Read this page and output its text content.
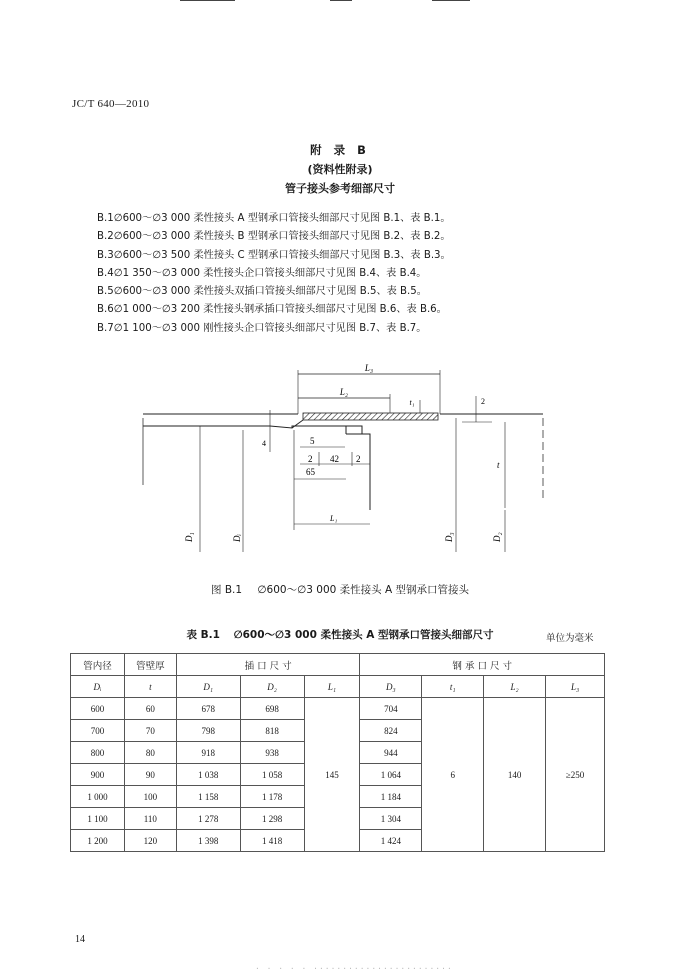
JC/T 640—2010
附 录 B
(资料性附录)
管子接头参考细部尺寸
B.1∅600～∅3 000 柔性接头 A 型钢承口管接头细部尺寸见图 B.1、表 B.1。
B.2∅600～∅3 000 柔性接头 B 型钢承口管接头细部尺寸见图 B.2、表 B.2。
B.3∅600～∅3 500 柔性接头 C 型钢承口管接头细部尺寸见图 B.3、表 B.3。
B.4∅1 350～∅3 000 柔性接头企口管接头细部尺寸见图 B.4、表 B.4。
B.5∅600～∅3 000 柔性接头双插口管接头细部尺寸见图 B.5、表 B.5。
B.6∅1 000～∅3 200 柔性接头钢承插口管接头细部尺寸见图 B.6、表 B.6。
B.7∅1 100～∅3 000 刚性接头企口管接头细部尺寸见图 B.7、表 B.7。
L₃
L₂
t₁	2
t
4	5
2 42 2
65
L₁
D₁	Dᵢ	D₃	D₂
图 B.1 ∅600～∅3 000 柔性接头 A 型钢承口管接头
表 B.1 ∅600～∅3 000 柔性接头 A 型钢承口管接头细部尺寸	单位为毫米
管内径	管壁厚	插 口 尺 寸			钢 承 口 尺 寸			
Dᵢ	t	D₁	D₂	L₁	D₃	t₁	L₂	L₃
600	60	678	698	145	704	6	140	≥250
700	70	798	818		824			
800	80	918	938		944			
900	90	1 038	1 058		1 064			
1 000	100	1 158	1 178		1 184			
1 100	110	1 278	1 298		1 304			
1 200	120	1 398	1 418		1 424			
14
· · · · · ························
